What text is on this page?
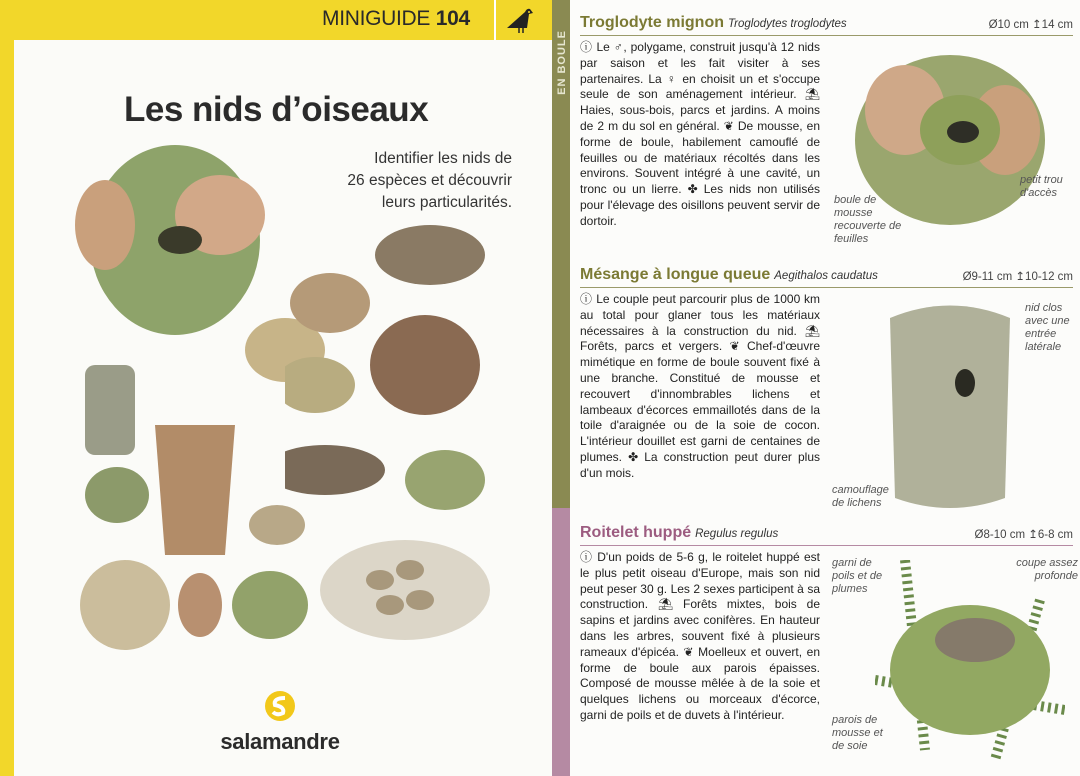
MINIGUIDE 104
Les nids d’oiseaux
Identifier les nids de
26 espèces et découvrir
leurs particularités.
salamandre
EN BOULE
Troglodyte mignon Troglodytes troglodytes	Ø10 cm ↥14 cm
ⓘ Le ♂, polygame, construit jusqu'à 12 nids par saison et les fait visiter à ses partenaires. La ♀ en choisit un et s'occupe seule de son aménagement intérieur. ⛱ Haies, sous-bois, parcs et jardins. A moins de 2 m du sol en général. ❦ De mousse, en forme de boule, habilement camouflé de feuilles ou de matériaux récoltés dans les environs. Souvent intégré à une cavité, un tronc ou un lierre. ✤ Les nids non utilisés pour l'élevage des oisillons peuvent servir de dortoir.
boule de mousse recouverte de feuilles
petit trou d'accès
Mésange à longue queue Aegithalos caudatus	Ø9-11 cm ↥10-12 cm
ⓘ Le couple peut parcourir plus de 1000 km au total pour glaner tous les matériaux nécessaires à la construction du nid. ⛱ Forêts, parcs et vergers. ❦ Chef-d'œuvre mimétique en forme de boule souvent fixé à une branche. Constitué de mousse et recouvert d'innombrables lichens et lambeaux d'écorces emmaillotés dans de la toile d'araignée ou de la soie de cocon. L'intérieur douillet est garni de centaines de plumes. ✤ La construction peut durer plus d'un mois.
nid clos avec une entrée latérale
camouflage de lichens
Roitelet huppé Regulus regulus	Ø8-10 cm ↥6-8 cm
ⓘ D'un poids de 5-6 g, le roitelet huppé est le plus petit oiseau d'Europe, mais son nid peut peser 30 g. Les 2 sexes participent à sa construction. ⛱ Forêts mixtes, bois de sapins et jardins avec conifères. En hauteur dans les arbres, souvent fixé à plusieurs rameaux d'épicéa. ❦ Moelleux et ouvert, en forme de boule aux parois épaisses. Composé de mousse mêlée à de la soie et quelques lichens ou morceaux d'écorce, garni de poils et de duvets à l'intérieur.
garni de poils et de plumes
coupe assez profonde
parois de mousse et de soie
